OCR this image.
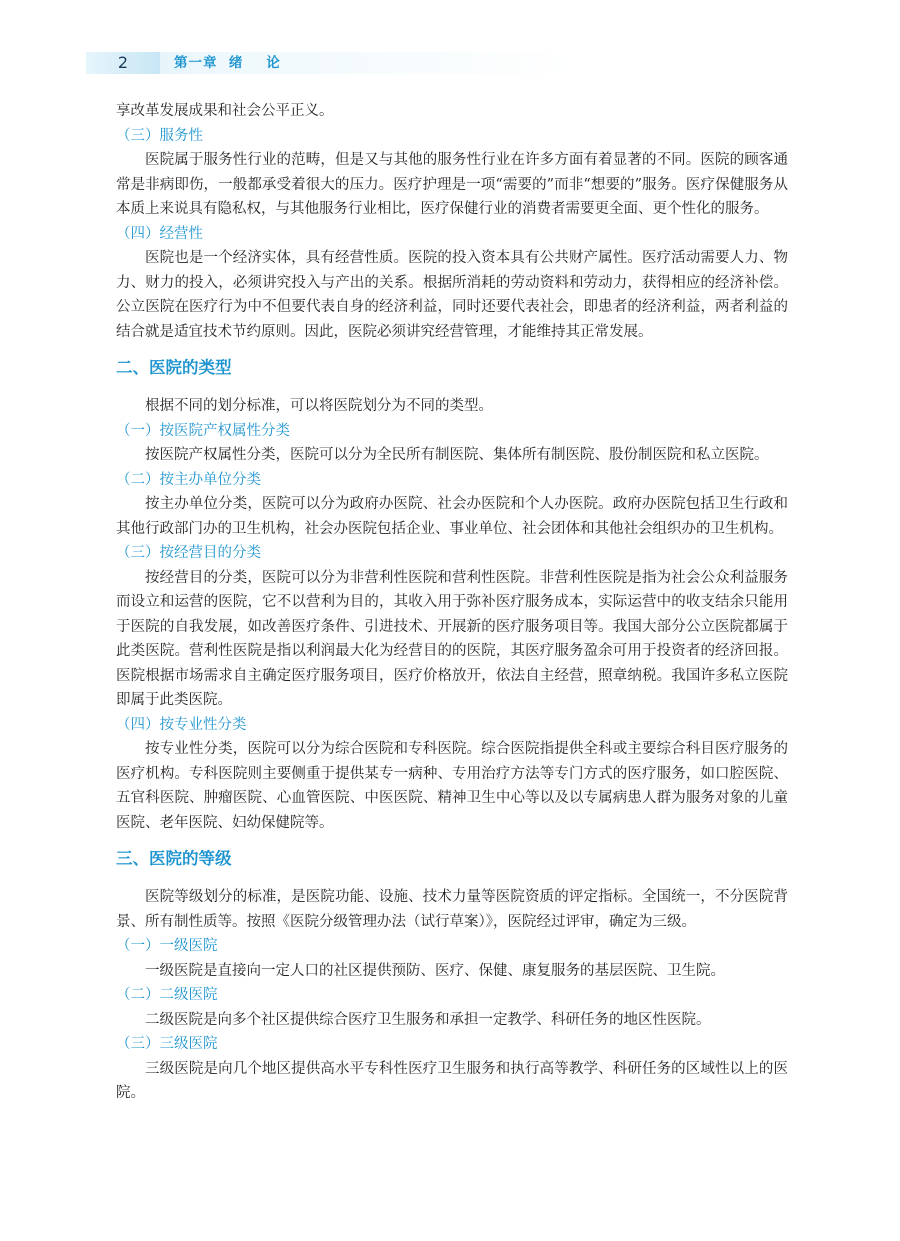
2	第一章  绪    论

享改革发展成果和社会公平正义。

（三）服务性

医院属于服务性行业的范畴，但是又与其他的服务性行业在许多方面有着显著的不同。医院的顾客通常是非病即伤，一般都承受着很大的压力。医疗护理是一项“需要的”而非“想要的”服务。医疗保健服务从本质上来说具有隐私权，与其他服务行业相比，医疗保健行业的消费者需要更全面、更个性化的服务。

（四）经营性

医院也是一个经济实体，具有经营性质。医院的投入资本具有公共财产属性。医疗活动需要人力、物力、财力的投入，必须讲究投入与产出的关系。根据所消耗的劳动资料和劳动力，获得相应的经济补偿。公立医院在医疗行为中不但要代表自身的经济利益，同时还要代表社会，即患者的经济利益，两者利益的结合就是适宜技术节约原则。因此，医院必须讲究经营管理，才能维持其正常发展。

二、医院的类型

根据不同的划分标准，可以将医院划分为不同的类型。

（一）按医院产权属性分类

按医院产权属性分类，医院可以分为全民所有制医院、集体所有制医院、股份制医院和私立医院。

（二）按主办单位分类

按主办单位分类，医院可以分为政府办医院、社会办医院和个人办医院。政府办医院包括卫生行政和其他行政部门办的卫生机构，社会办医院包括企业、事业单位、社会团体和其他社会组织办的卫生机构。

（三）按经营目的分类

按经营目的分类，医院可以分为非营利性医院和营利性医院。非营利性医院是指为社会公众利益服务而设立和运营的医院，它不以营利为目的，其收入用于弥补医疗服务成本，实际运营中的收支结余只能用于医院的自我发展，如改善医疗条件、引进技术、开展新的医疗服务项目等。我国大部分公立医院都属于此类医院。营利性医院是指以利润最大化为经营目的的医院，其医疗服务盈余可用于投资者的经济回报。医院根据市场需求自主确定医疗服务项目，医疗价格放开，依法自主经营，照章纳税。我国许多私立医院即属于此类医院。

（四）按专业性分类

按专业性分类，医院可以分为综合医院和专科医院。综合医院指提供全科或主要综合科目医疗服务的医疗机构。专科医院则主要侧重于提供某专一病种、专用治疗方法等专门方式的医疗服务，如口腔医院、五官科医院、肿瘤医院、心血管医院、中医医院、精神卫生中心等以及以专属病患人群为服务对象的儿童医院、老年医院、妇幼保健院等。

三、医院的等级

医院等级划分的标准，是医院功能、设施、技术力量等医院资质的评定指标。全国统一，不分医院背景、所有制性质等。按照《医院分级管理办法（试行草案）》，医院经过评审，确定为三级。

（一）一级医院

一级医院是直接向一定人口的社区提供预防、医疗、保健、康复服务的基层医院、卫生院。

（二）二级医院

二级医院是向多个社区提供综合医疗卫生服务和承担一定教学、科研任务的地区性医院。

（三）三级医院

三级医院是向几个地区提供高水平专科性医疗卫生服务和执行高等教学、科研任务的区域性以上的医院。
